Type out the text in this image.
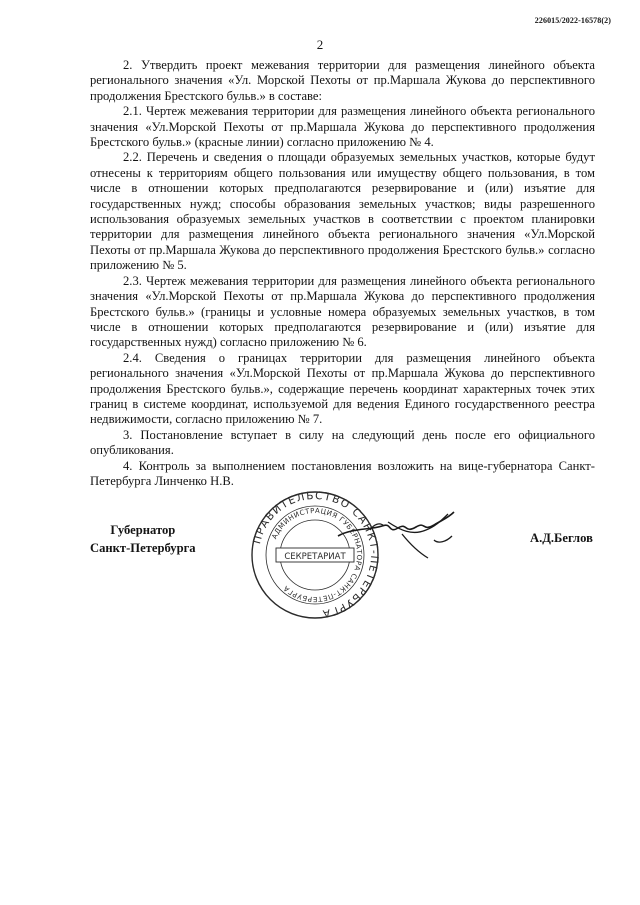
226015/2022-16578(2)
2

2. Утвердить проект межевания территории для размещения линейного объекта регионального значения «Ул. Морской Пехоты от пр.Маршала Жукова до перспективного продолжения Брестского бульв.» в составе:

2.1. Чертеж межевания территории для размещения линейного объекта регионального значения «Ул.Морской Пехоты от пр.Маршала Жукова до перспективного продолжения Брестского бульв.» (красные линии) согласно приложению № 4.

2.2. Перечень и сведения о площади образуемых земельных участков, которые будут отнесены к территориям общего пользования или имуществу общего пользования, в том числе в отношении которых предполагаются резервирование и (или) изъятие для государственных нужд; способы образования земельных участков; виды разрешенного использования образуемых земельных участков в соответствии с проектом планировки территории для размещения линейного объекта регионального значения «Ул.Морской Пехоты от пр.Маршала Жукова до перспективного продолжения Брестского бульв.» согласно приложению № 5.

2.3. Чертеж межевания территории для размещения линейного объекта регионального значения «Ул.Морской Пехоты от пр.Маршала Жукова до перспективного продолжения Брестского бульв.» (границы и условные номера образуемых земельных участков, в том числе в отношении которых предполагаются резервирование и (или) изъятие для государственных нужд) согласно приложению № 6.

2.4. Сведения о границах территории для размещения линейного объекта регионального значения «Ул.Морской Пехоты от пр.Маршала Жукова до перспективного продолжения Брестского бульв.», содержащие перечень координат характерных точек этих границ в системе координат, используемой для ведения Единого государственного реестра недвижимости, согласно приложению № 7.

3. Постановление вступает в силу на следующий день после его официального опубликования.

4. Контроль за выполнением постановления возложить на вице-губернатора Санкт-Петербурга Линченко Н.В.

Губернатор
Санкт-Петербурга
ПРАВИТЕЛЬСТВО САНКТ-ПЕТЕРБУРГА
АДМИНИСТРАЦИЯ ГУБЕРНАТОРА САНКТ-ПЕТЕРБУРГА
СЕКРЕТАРИАТ
А.Д.Беглов
